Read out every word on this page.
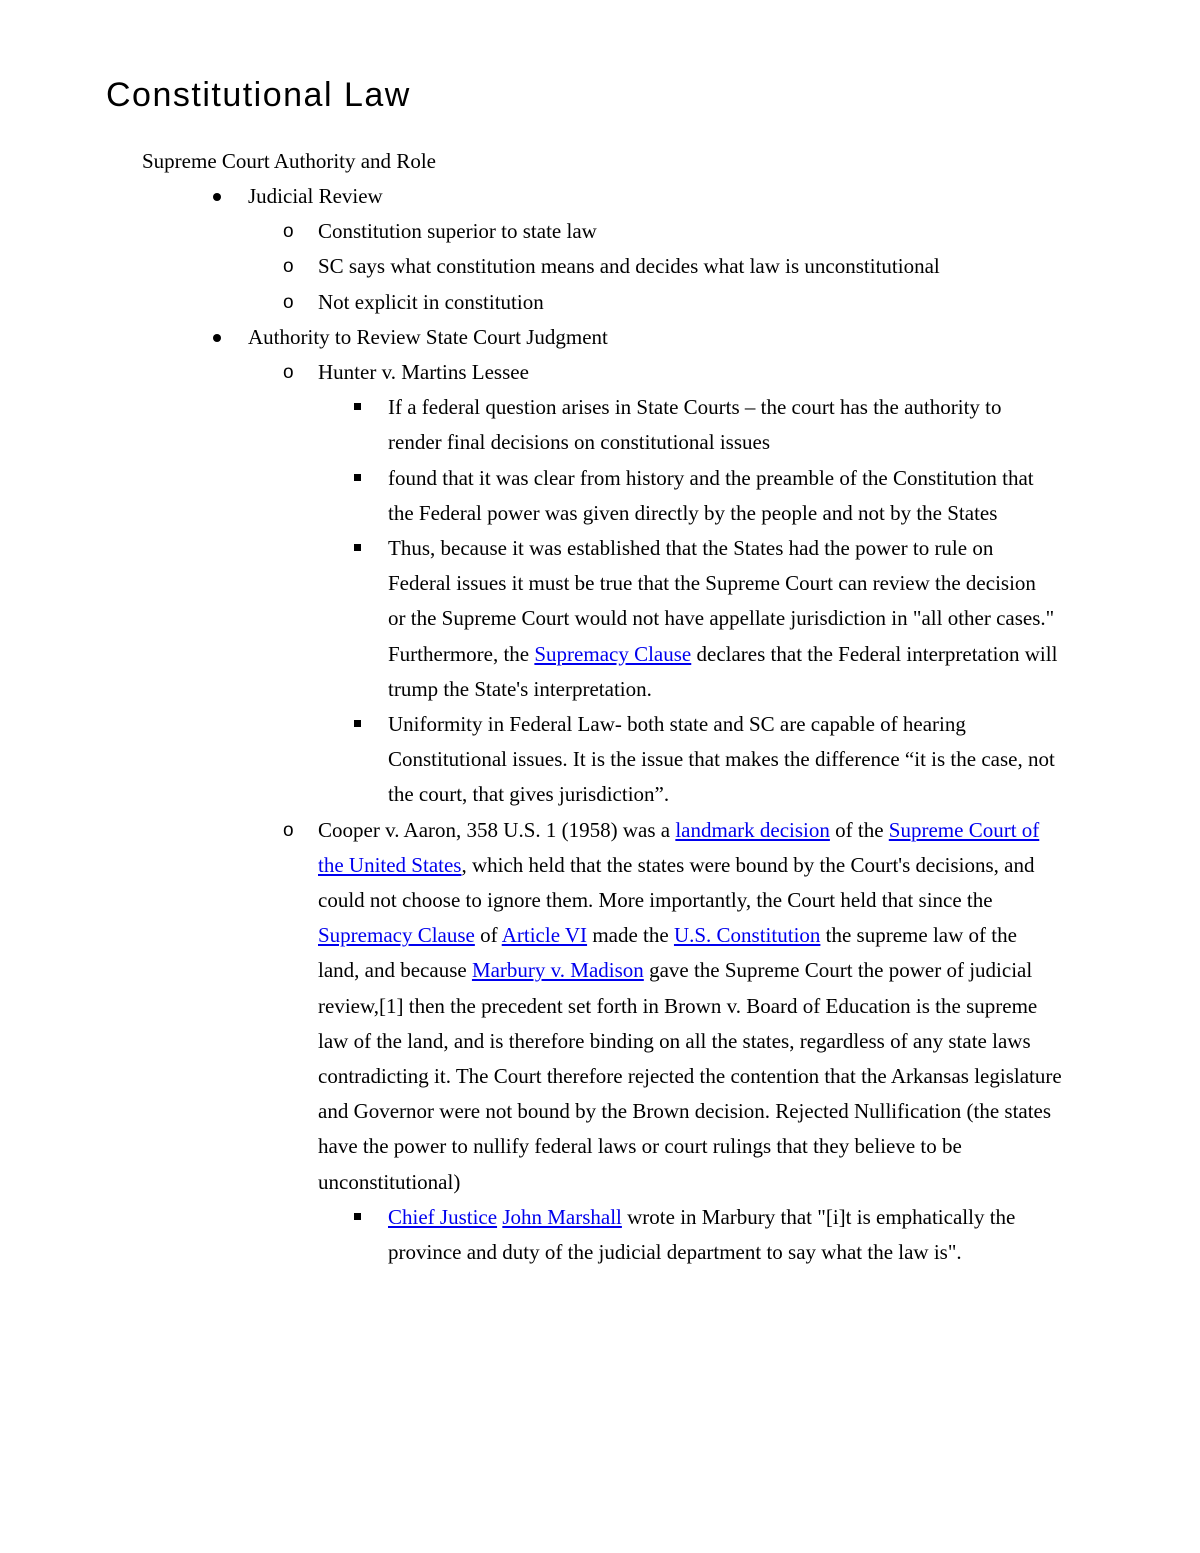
Constitutional Law
Supreme Court Authority and Role
Judicial Review
o Constitution superior to state law
o SC says what constitution means and decides what law is unconstitutional
o Not explicit in constitution
Authority to Review State Court Judgment
o Hunter v. Martins Lessee
If a federal question arises in State Courts – the court has the authority to render final decisions on constitutional issues
found that it was clear from history and the preamble of the Constitution that the Federal power was given directly by the people and not by the States
Thus, because it was established that the States had the power to rule on Federal issues it must be true that the Supreme Court can review the decision or the Supreme Court would not have appellate jurisdiction in "all other cases." Furthermore, the Supremacy Clause declares that the Federal interpretation will trump the State's interpretation.
Uniformity in Federal Law- both state and SC are capable of hearing Constitutional issues. It is the issue that makes the difference “it is the case, not the court, that gives jurisdiction”.
o Cooper v. Aaron, 358 U.S. 1 (1958) was a landmark decision of the Supreme Court of the United States, which held that the states were bound by the Court's decisions, and could not choose to ignore them. More importantly, the Court held that since the Supremacy Clause of Article VI made the U.S. Constitution the supreme law of the land, and because Marbury v. Madison gave the Supreme Court the power of judicial review,[1] then the precedent set forth in Brown v. Board of Education is the supreme law of the land, and is therefore binding on all the states, regardless of any state laws contradicting it. The Court therefore rejected the contention that the Arkansas legislature and Governor were not bound by the Brown decision. Rejected Nullification (the states have the power to nullify federal laws or court rulings that they believe to be unconstitutional)
Chief Justice John Marshall wrote in Marbury that "[i]t is emphatically the province and duty of the judicial department to say what the law is".
